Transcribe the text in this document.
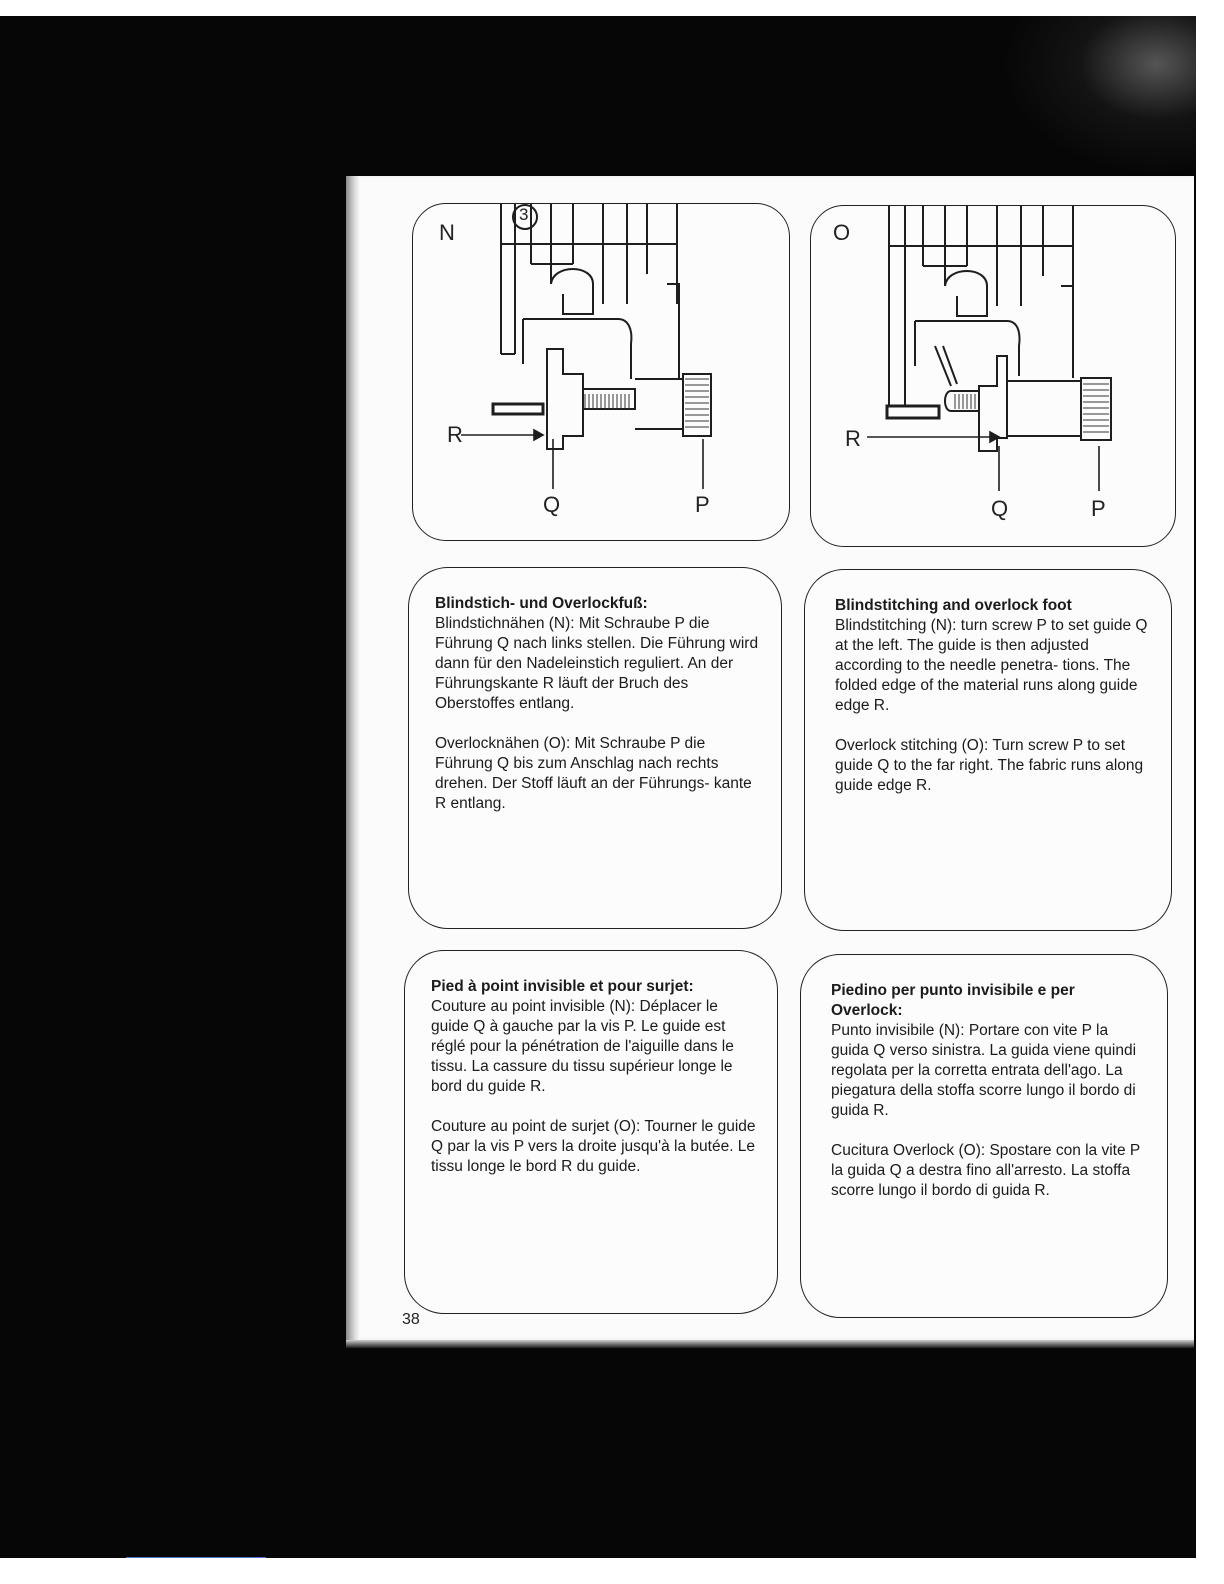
N
R
Q	P
3
O
R
Q	P
Blindstich- und Overlockfuß:

Blindstichnähen (N): Mit Schraube P die Führung Q nach links stellen. Die Führung wird dann für den Nadeleinstich reguliert. An der Führungskante R läuft der Bruch des Oberstoffes entlang.

Overlocknähen (O): Mit Schraube P die Führung Q bis zum Anschlag nach rechts drehen. Der Stoff läuft an der Führungs- kante R entlang.

Blindstitching and overlock foot

Blindstitching (N): turn screw P to set guide Q at the left. The guide is then adjusted according to the needle penetra- tions. The folded edge of the material runs along guide edge R.

Overlock stitching (O): Turn screw P to set guide Q to the far right. The fabric runs along guide edge R.

Pied à point invisible et pour surjet:

Couture au point invisible (N): Déplacer le guide Q à gauche par la vis P. Le guide est réglé pour la pénétration de l'aiguille dans le tissu. La cassure du tissu supérieur longe le bord du guide R.

Couture au point de surjet (O): Tourner le guide Q par la vis P vers la droite jusqu'à la butée. Le tissu longe le bord R du guide.

Piedino per punto invisibile e per Overlock:

Punto invisibile (N): Portare con vite P la guida Q verso sinistra. La guida viene quindi regolata per la corretta entrata dell'ago. La piegatura della stoffa scorre lungo il bordo di guida R.

Cucitura Overlock (O): Spostare con la vite P la guida Q a destra fino all'arresto. La stoffa scorre lungo il bordo di guida R.

38
